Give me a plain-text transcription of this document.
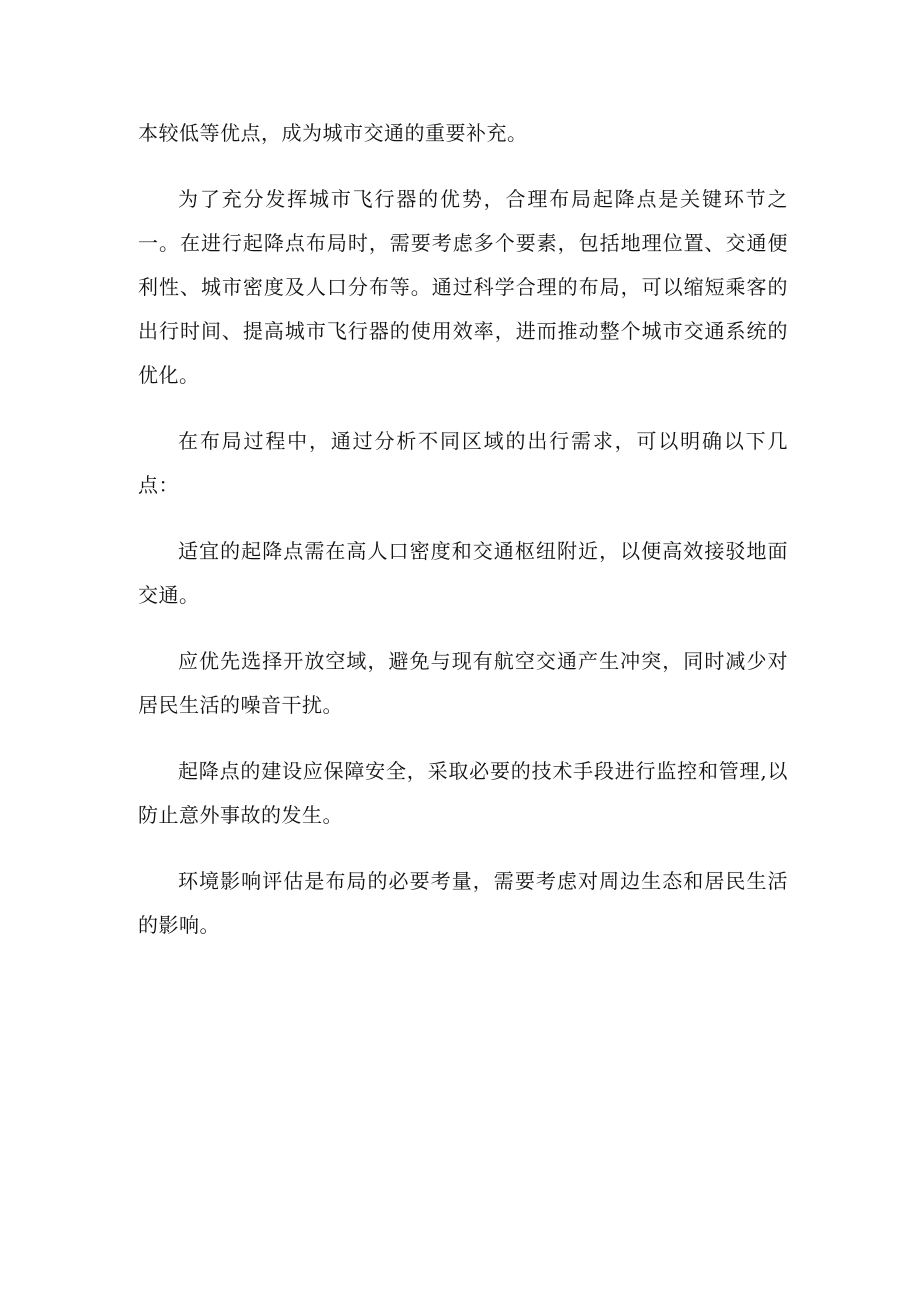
本较低等优点，成为城市交通的重要补充。

为了充分发挥城市飞行器的优势，合理布局起降点是关键环节之一。在进行起降点布局时，需要考虑多个要素，包括地理位置、交通便利性、城市密度及人口分布等。通过科学合理的布局，可以缩短乘客的出行时间、提高城市飞行器的使用效率，进而推动整个城市交通系统的优化。

在布局过程中，通过分析不同区域的出行需求，可以明确以下几点：

适宜的起降点需在高人口密度和交通枢纽附近，以便高效接驳地面交通。

应优先选择开放空域，避免与现有航空交通产生冲突，同时减少对居民生活的噪音干扰。

起降点的建设应保障安全，采取必要的技术手段进行监控和管理,以防止意外事故的发生。

环境影响评估是布局的必要考量，需要考虑对周边生态和居民生活的影响。
